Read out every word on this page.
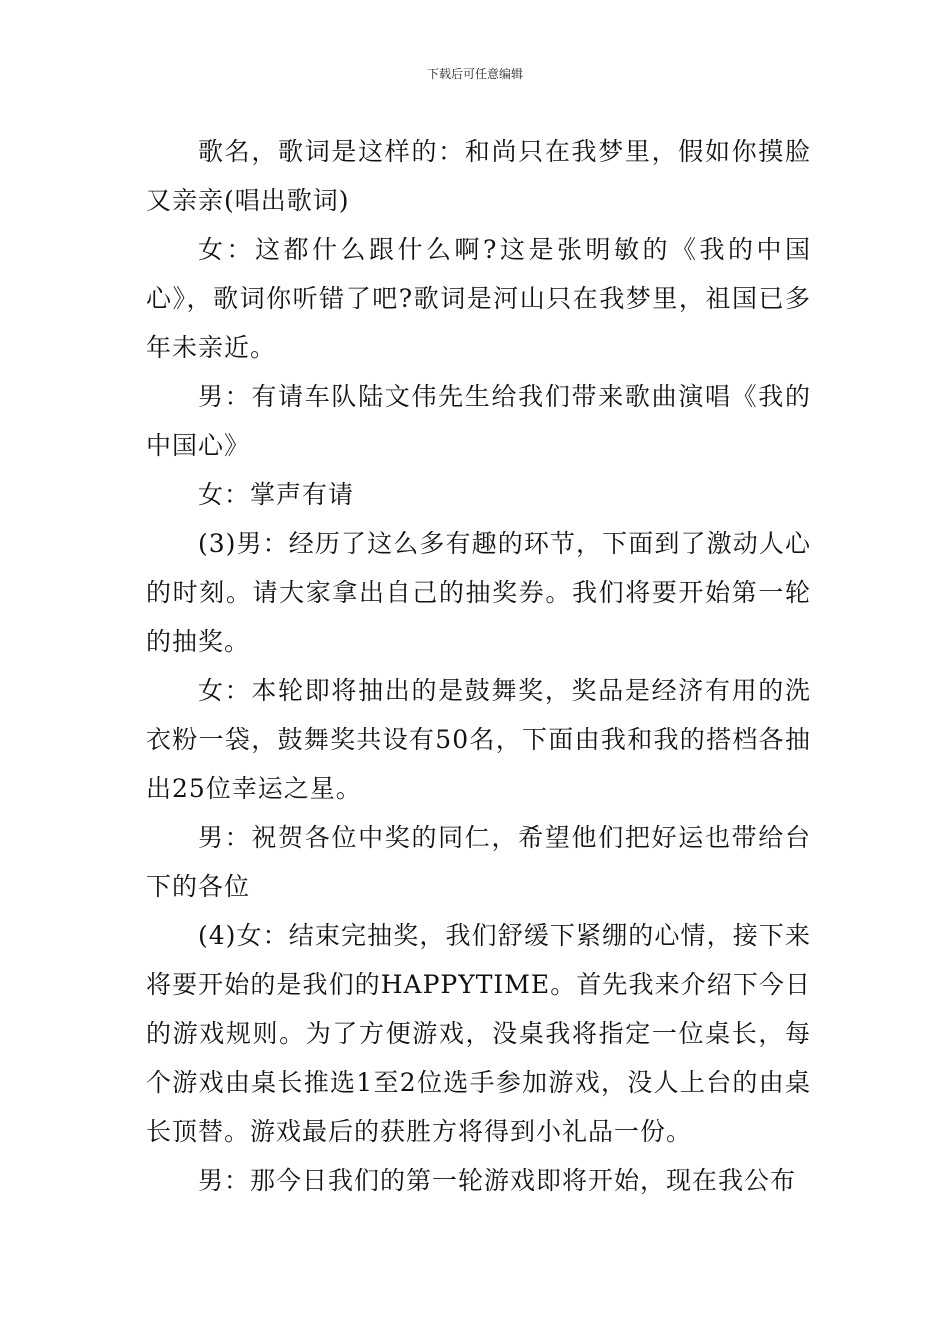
下载后可任意编辑

歌名，歌词是这样的：和尚只在我梦里，假如你摸脸又亲亲(唱出歌词)

女：这都什么跟什么啊?这是张明敏的《我的中国心》，歌词你听错了吧?歌词是河山只在我梦里，祖国已多年未亲近。

男：有请车队陆文伟先生给我们带来歌曲演唱《我的中国心》

女：掌声有请

(3)男：经历了这么多有趣的环节，下面到了激动人心的时刻。请大家拿出自己的抽奖券。我们将要开始第一轮的抽奖。

女：本轮即将抽出的是鼓舞奖，奖品是经济有用的洗衣粉一袋，鼓舞奖共设有50名，下面由我和我的搭档各抽出25位幸运之星。

男：祝贺各位中奖的同仁，希望他们把好运也带给台下的各位

(4)女：结束完抽奖，我们舒缓下紧绷的心情，接下来将要开始的是我们的HAPPYTIME。首先我来介绍下今日的游戏规则。为了方便游戏，没桌我将指定一位桌长，每个游戏由桌长推选1至2位选手参加游戏，没人上台的由桌长顶替。游戏最后的获胜方将得到小礼品一份。

男：那今日我们的第一轮游戏即将开始，现在我公布
